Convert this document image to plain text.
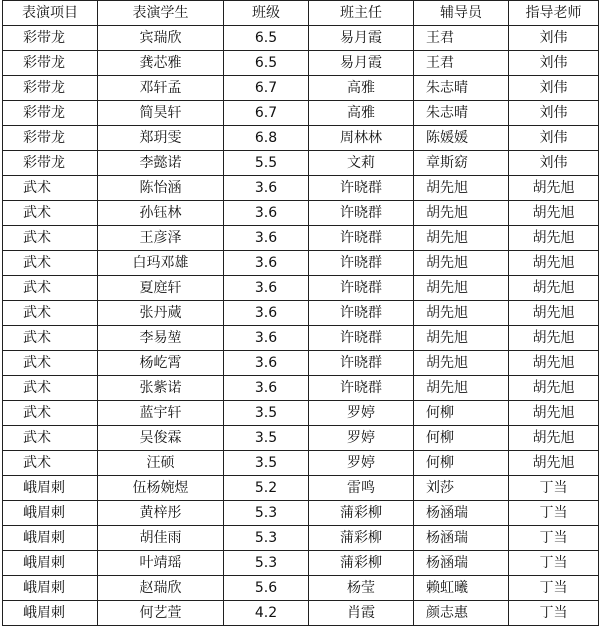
表演项目	表演学生	班级	班主任	辅导员	指导老师
彩带龙	宾瑞欣	6.5	易月霞	王君	刘伟
彩带龙	龚芯雅	6.5	易月霞	王君	刘伟
彩带龙	邓轩孟	6.7	高雅	朱志晴	刘伟
彩带龙	简昊轩	6.7	高雅	朱志晴	刘伟
彩带龙	郑玥雯	6.8	周林林	陈媛媛	刘伟
彩带龙	李懿诺	5.5	文莉	章斯窈	刘伟
武术	陈怡涵	3.6	许晓群	胡先旭	胡先旭
武术	孙钰林	3.6	许晓群	胡先旭	胡先旭
武术	王彦泽	3.6	许晓群	胡先旭	胡先旭
武术	白玛邓雄	3.6	许晓群	胡先旭	胡先旭
武术	夏庭轩	3.6	许晓群	胡先旭	胡先旭
武术	张丹蒇	3.6	许晓群	胡先旭	胡先旭
武术	李易堃	3.6	许晓群	胡先旭	胡先旭
武术	杨屹霄	3.6	许晓群	胡先旭	胡先旭
武术	张紫诺	3.6	许晓群	胡先旭	胡先旭
武术	蓝宇轩	3.5	罗婷	何柳	胡先旭
武术	吴俊霖	3.5	罗婷	何柳	胡先旭
武术	汪硕	3.5	罗婷	何柳	胡先旭
峨眉刺	伍杨婉煜	5.2	雷鸣	刘莎	丁当
峨眉刺	黄梓彤	5.3	蒲彩柳	杨涵瑞	丁当
峨眉刺	胡佳雨	5.3	蒲彩柳	杨涵瑞	丁当
峨眉刺	叶靖瑶	5.3	蒲彩柳	杨涵瑞	丁当
峨眉刺	赵瑞欣	5.6	杨莹	赖虹曦	丁当
峨眉刺	何艺萱	4.2	肖霞	颜志惠	丁当
